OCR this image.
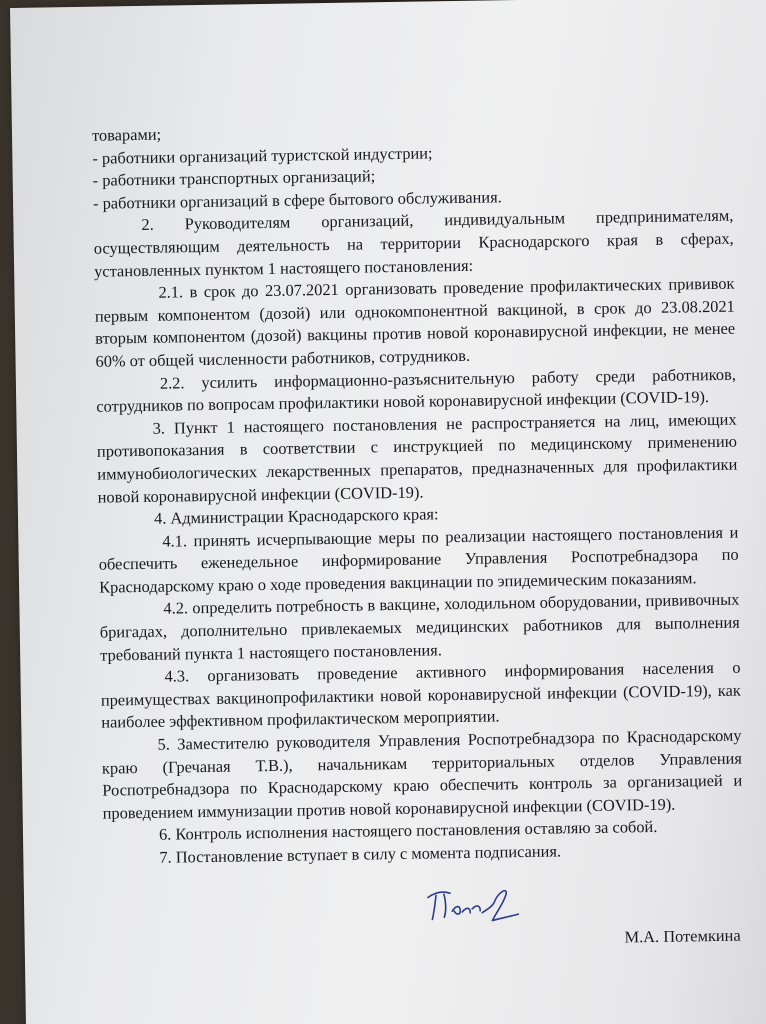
товарами;

- работники организаций туристской индустрии;

- работники транспортных организаций;

- работники организаций в сфере бытового обслуживания.

2. Руководителям организаций, индивидуальным предпринимателям, осуществляющим деятельность на территории Краснодарского края в сферах, установленных пунктом 1 настоящего постановления:

2.1. в срок до 23.07.2021 организовать проведение профилактических прививок первым компонентом (дозой) или однокомпонентной вакциной, в срок до 23.08.2021 вторым компонентом (дозой) вакцины против новой коронавирусной инфекции, не менее 60% от общей численности работников, сотрудников.

2.2. усилить информационно-разъяснительную работу среди работников, сотрудников по вопросам профилактики новой коронавирусной инфекции (COVID-19).

3. Пункт 1 настоящего постановления не распространяется на лиц, имеющих противопоказания в соответствии с инструкцией по медицинскому применению иммунобиологических лекарственных препаратов, предназначенных для профилактики новой коронавирусной инфекции (COVID-19).

4. Администрации Краснодарского края:

4.1. принять исчерпывающие меры по реализации настоящего постановления и обеспечить еженедельное информирование Управления Роспотребнадзора по Краснодарскому краю о ходе проведения вакцинации по эпидемическим показаниям.

4.2. определить потребность в вакцине, холодильном оборудовании, прививочных бригадах, дополнительно привлекаемых медицинских работников для выполнения требований пункта 1 настоящего постановления.

4.3. организовать проведение активного информирования населения о преимуществах вакцинопрофилактики новой коронавирусной инфекции (COVID-19), как наиболее эффективном профилактическом мероприятии.

5. Заместителю руководителя Управления Роспотребнадзора по Краснодарскому краю (Гречаная Т.В.), начальникам территориальных отделов Управления Роспотребнадзора по Краснодарскому краю обеспечить контроль за организацией и проведением иммунизации против новой коронавирусной инфекции (COVID-19).

6. Контроль исполнения настоящего постановления оставляю за собой.

7. Постановление вступает в силу с момента подписания.

М.А. Потемкина
